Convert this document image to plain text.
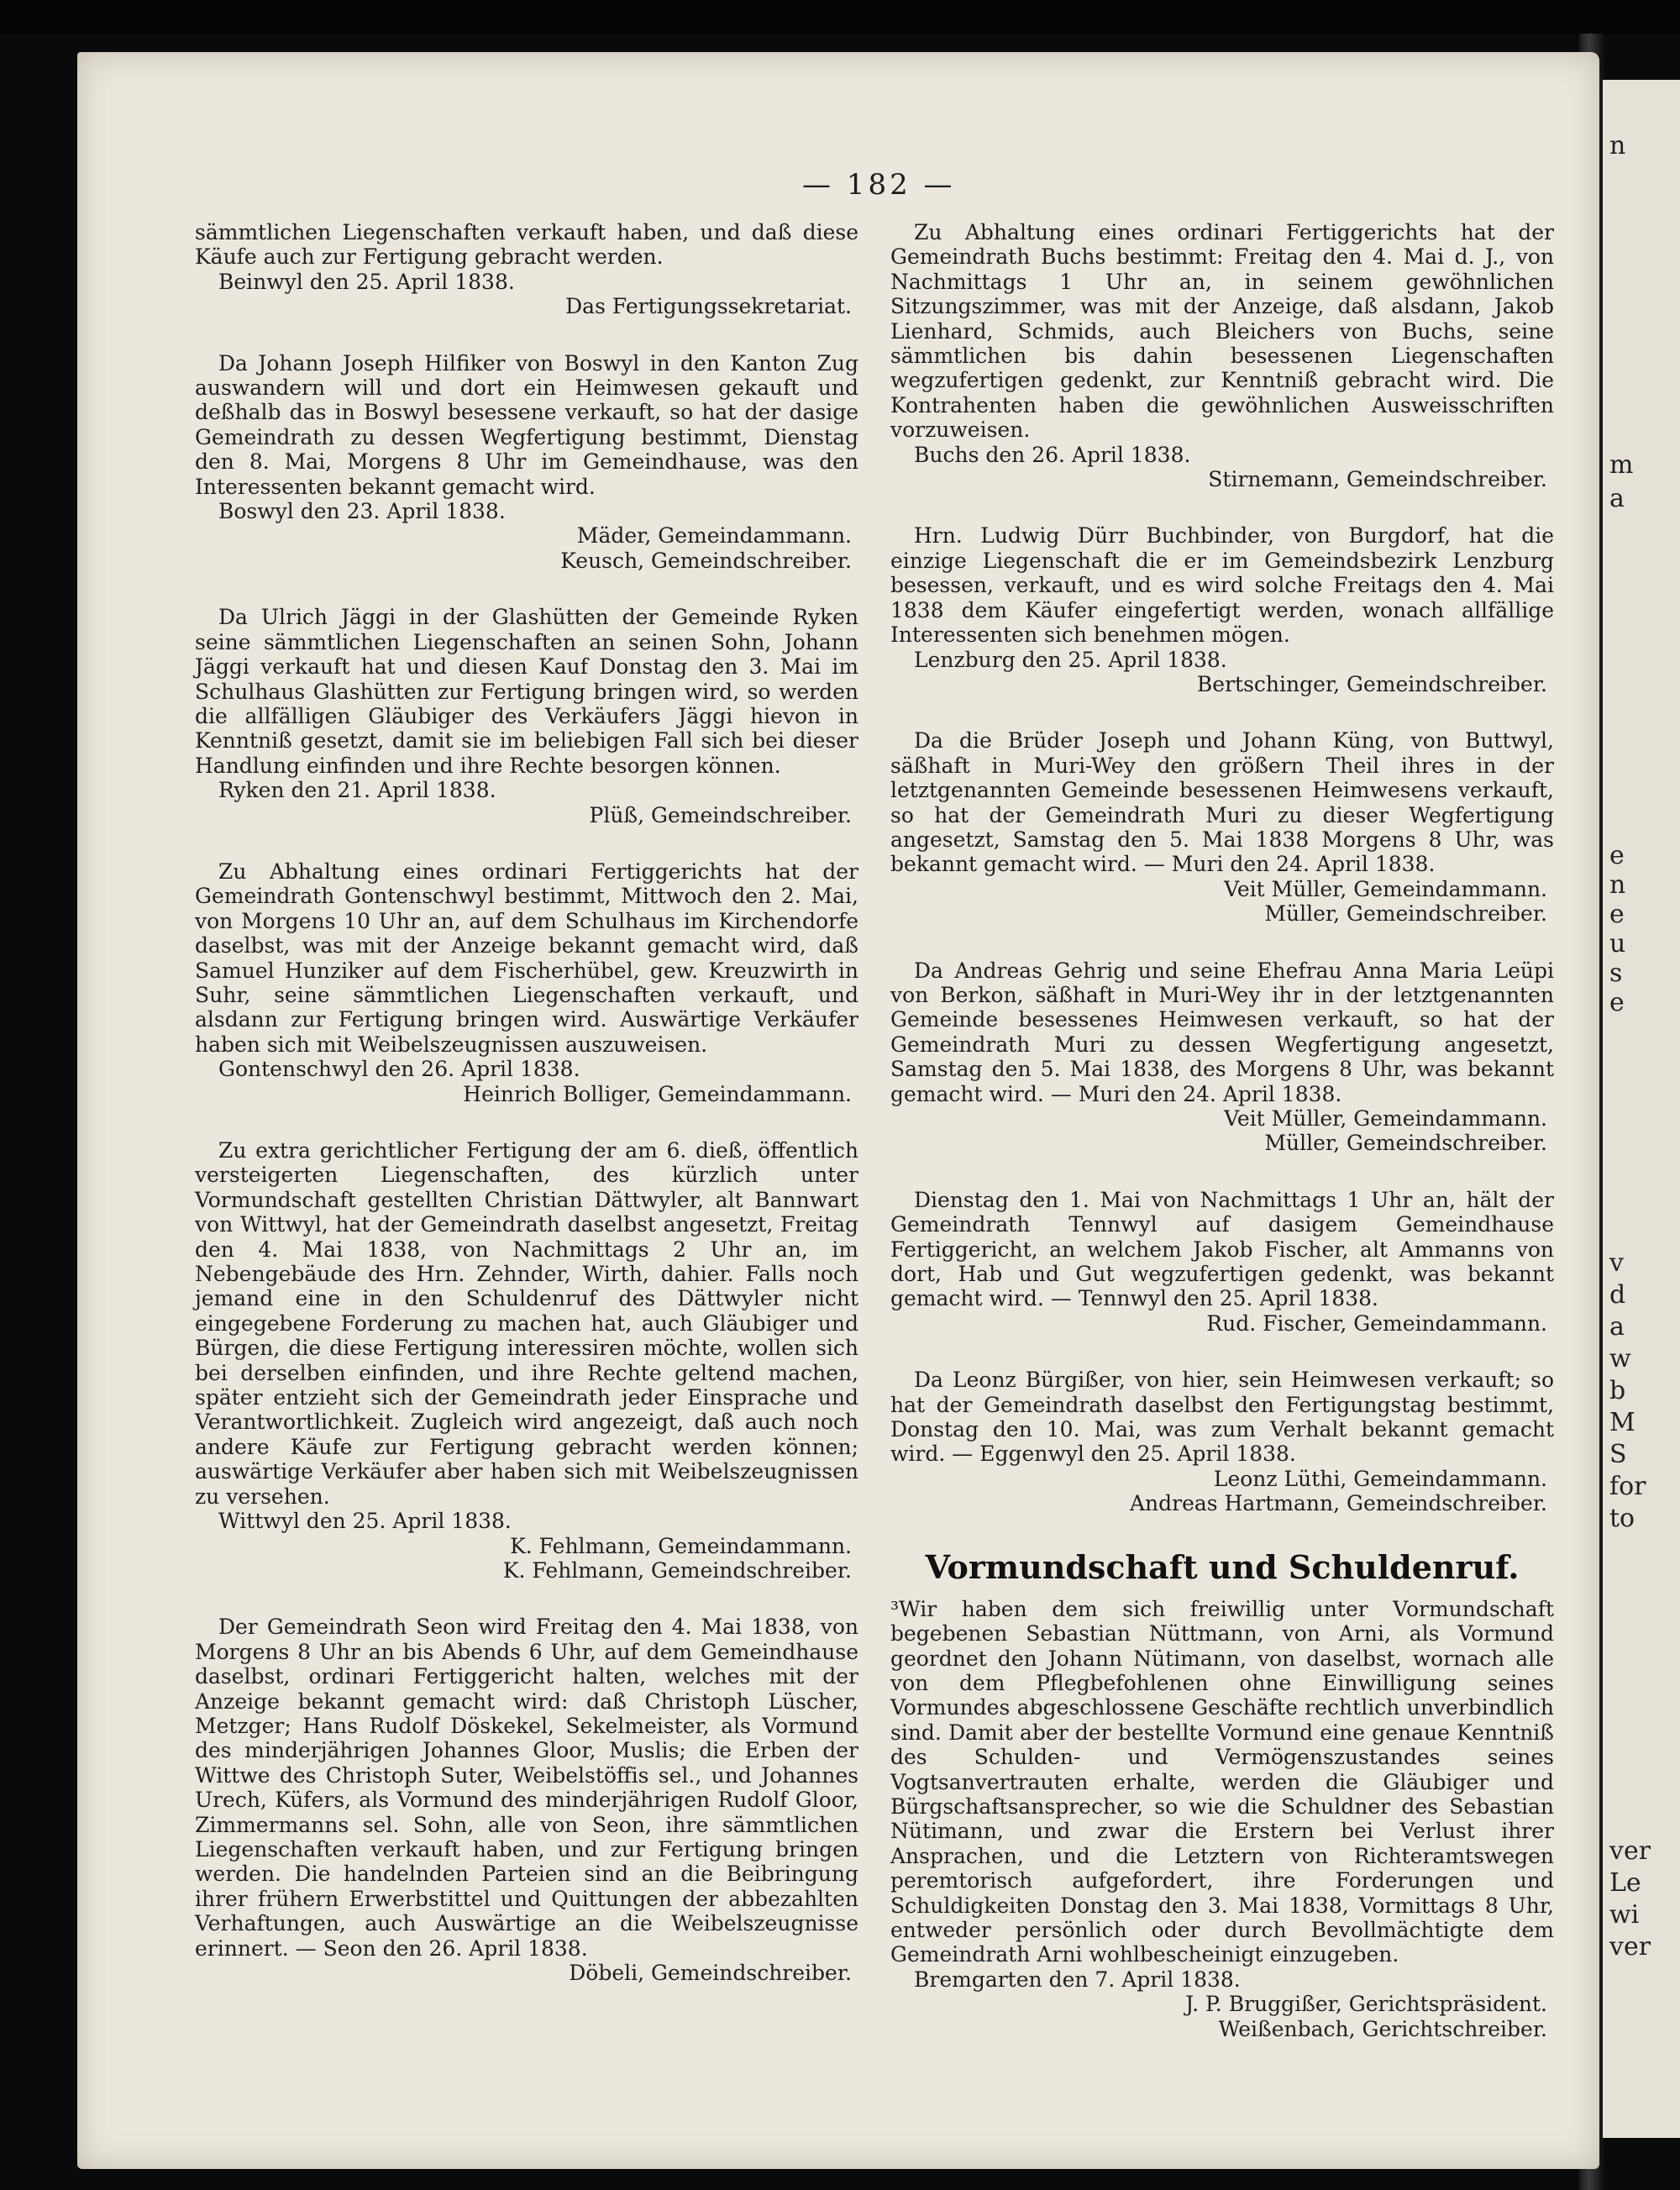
n
m
a
e
n
e
u
s
e
v
d
a
w
b
M
S
for
to
ver
Le
wi
ver
— 182 —

sämmtlichen Liegenschaften verkauft haben, und daß diese Käufe auch zur Fertigung gebracht werden.

Beinwyl den 25. April 1838.

Das Fertigungssekretariat.

Da Johann Joseph Hilfiker von Boswyl in den Kanton Zug auswandern will und dort ein Heimwesen gekauft und deßhalb das in Boswyl besessene verkauft, so hat der dasige Gemeindrath zu dessen Wegfertigung bestimmt, Dienstag den 8. Mai, Morgens 8 Uhr im Gemeindhause, was den Interessenten bekannt gemacht wird.

Boswyl den 23. April 1838.

Mäder, Gemeindammann.

Keusch, Gemeindschreiber.

Da Ulrich Jäggi in der Glashütten der Gemeinde Ryken seine sämmtlichen Liegenschaften an seinen Sohn, Johann Jäggi verkauft hat und diesen Kauf Donstag den 3. Mai im Schulhaus Glashütten zur Fertigung bringen wird, so werden die allfälligen Gläubiger des Verkäufers Jäggi hievon in Kenntniß gesetzt, damit sie im beliebigen Fall sich bei dieser Handlung einfinden und ihre Rechte besorgen können.

Ryken den 21. April 1838.

Plüß, Gemeindschreiber.

Zu Abhaltung eines ordinari Fertiggerichts hat der Gemeindrath Gontenschwyl bestimmt, Mittwoch den 2. Mai, von Morgens 10 Uhr an, auf dem Schulhaus im Kirchendorfe daselbst, was mit der Anzeige bekannt gemacht wird, daß Samuel Hunziker auf dem Fischerhübel, gew. Kreuzwirth in Suhr, seine sämmtlichen Liegenschaften verkauft, und alsdann zur Fertigung bringen wird. Auswärtige Verkäufer haben sich mit Weibelszeugnissen auszuweisen.

Gontenschwyl den 26. April 1838.

Heinrich Bolliger, Gemeindammann.

Zu extra gerichtlicher Fertigung der am 6. dieß, öffentlich versteigerten Liegenschaften, des kürzlich unter Vormundschaft gestellten Christian Dättwyler, alt Bannwart von Wittwyl, hat der Gemeindrath daselbst angesetzt, Freitag den 4. Mai 1838, von Nachmittags 2 Uhr an, im Nebengebäude des Hrn. Zehnder, Wirth, dahier. Falls noch jemand eine in den Schuldenruf des Dättwyler nicht eingegebene Forderung zu machen hat, auch Gläubiger und Bürgen, die diese Fertigung interessiren möchte, wollen sich bei derselben einfinden, und ihre Rechte geltend machen, später entzieht sich der Gemeindrath jeder Einsprache und Verantwortlichkeit. Zugleich wird angezeigt, daß auch noch andere Käufe zur Fertigung gebracht werden können; auswärtige Verkäufer aber haben sich mit Weibelszeugnissen zu versehen.

Wittwyl den 25. April 1838.

K. Fehlmann, Gemeindammann.

K. Fehlmann, Gemeindschreiber.

Der Gemeindrath Seon wird Freitag den 4. Mai 1838, von Morgens 8 Uhr an bis Abends 6 Uhr, auf dem Gemeindhause daselbst, ordinari Fertiggericht halten, welches mit der Anzeige bekannt gemacht wird: daß Christoph Lüscher, Metzger; Hans Rudolf Döskekel, Sekelmeister, als Vormund des minderjährigen Johannes Gloor, Muslis; die Erben der Wittwe des Christoph Suter, Weibelstöffis sel., und Johannes Urech, Küfers, als Vormund des minderjährigen Rudolf Gloor, Zimmermanns sel. Sohn, alle von Seon, ihre sämmtlichen Liegenschaften verkauft haben, und zur Fertigung bringen werden. Die handelnden Parteien sind an die Beibringung ihrer frühern Erwerbstittel und Quittungen der abbezahlten Verhaftungen, auch Auswärtige an die Weibelszeugnisse erinnert. — Seon den 26. April 1838.

Döbeli, Gemeindschreiber.

Zu Abhaltung eines ordinari Fertiggerichts hat der Gemeindrath Buchs bestimmt: Freitag den 4. Mai d. J., von Nachmittags 1 Uhr an, in seinem gewöhnlichen Sitzungszimmer, was mit der Anzeige, daß alsdann, Jakob Lienhard, Schmids, auch Bleichers von Buchs, seine sämmtlichen bis dahin besessenen Liegenschaften wegzufertigen gedenkt, zur Kenntniß gebracht wird. Die Kontrahenten haben die gewöhnlichen Ausweisschriften vorzuweisen.

Buchs den 26. April 1838.

Stirnemann, Gemeindschreiber.

Hrn. Ludwig Dürr Buchbinder, von Burgdorf, hat die einzige Liegenschaft die er im Gemeindsbezirk Lenzburg besessen, verkauft, und es wird solche Freitags den 4. Mai 1838 dem Käufer eingefertigt werden, wonach allfällige Interessenten sich benehmen mögen.

Lenzburg den 25. April 1838.

Bertschinger, Gemeindschreiber.

Da die Brüder Joseph und Johann Küng, von Buttwyl, säßhaft in Muri-Wey den größern Theil ihres in der letztgenannten Gemeinde besessenen Heimwesens verkauft, so hat der Gemeindrath Muri zu dieser Wegfertigung angesetzt, Samstag den 5. Mai 1838 Morgens 8 Uhr, was bekannt gemacht wird. — Muri den 24. April 1838.

Veit Müller, Gemeindammann.

Müller, Gemeindschreiber.

Da Andreas Gehrig und seine Ehefrau Anna Maria Leüpi von Berkon, säßhaft in Muri-Wey ihr in der letztgenannten Gemeinde besessenes Heimwesen verkauft, so hat der Gemeindrath Muri zu dessen Wegfertigung angesetzt, Samstag den 5. Mai 1838, des Morgens 8 Uhr, was bekannt gemacht wird. — Muri den 24. April 1838.

Veit Müller, Gemeindammann.

Müller, Gemeindschreiber.

Dienstag den 1. Mai von Nachmittags 1 Uhr an, hält der Gemeindrath Tennwyl auf dasigem Gemeindhause Fertiggericht, an welchem Jakob Fischer, alt Ammanns von dort, Hab und Gut wegzufertigen gedenkt, was bekannt gemacht wird. — Tennwyl den 25. April 1838.

Rud. Fischer, Gemeindammann.

Da Leonz Bürgißer, von hier, sein Heimwesen verkauft; so hat der Gemeindrath daselbst den Fertigungstag bestimmt, Donstag den 10. Mai, was zum Verhalt bekannt gemacht wird. — Eggenwyl den 25. April 1838.

Leonz Lüthi, Gemeindammann.

Andreas Hartmann, Gemeindschreiber.

Vormundschaft und Schuldenruf.

³Wir haben dem sich freiwillig unter Vormundschaft begebenen Sebastian Nüttmann, von Arni, als Vormund geordnet den Johann Nütimann, von daselbst, wornach alle von dem Pflegbefohlenen ohne Einwilligung seines Vormundes abgeschlossene Geschäfte rechtlich unverbindlich sind. Damit aber der bestellte Vormund eine genaue Kenntniß des Schulden- und Vermögenszustandes seines Vogtsanvertrauten erhalte, werden die Gläubiger und Bürgschaftsansprecher, so wie die Schuldner des Sebastian Nütimann, und zwar die Erstern bei Verlust ihrer Ansprachen, und die Letztern von Richteramtswegen peremtorisch aufgefordert, ihre Forderungen und Schuldigkeiten Donstag den 3. Mai 1838, Vormittags 8 Uhr, entweder persönlich oder durch Bevollmächtigte dem Gemeindrath Arni wohlbescheinigt einzugeben.

Bremgarten den 7. April 1838.

J. P. Bruggißer, Gerichtspräsident.

Weißenbach, Gerichtschreiber.
